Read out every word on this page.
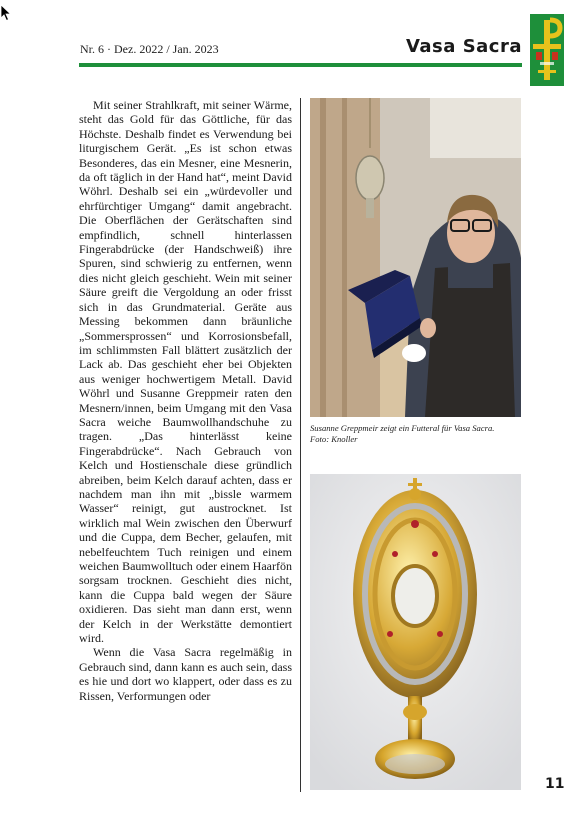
Nr. 6 · Dez. 2022 / Jan. 2023	Vasa Sacra

Mit seiner Strahlkraft, mit seiner Wärme, steht das Gold für das Göttliche, für das Höchste. Deshalb findet es Verwendung bei liturgischem Gerät. „Es ist schon etwas Besonderes, das ein Mesner, eine Mesnerin, da oft täglich in der Hand hat“, meint David Wöhrl. Deshalb sei ein „würdevoller und ehrfürchtiger Umgang“ damit angebracht. Die Oberflächen der Gerätschaften sind empfindlich, schnell hinterlassen Fingerabdrücke (der Handschweiß) ihre Spuren, sind schwierig zu entfernen, wenn dies nicht gleich geschieht. Wein mit seiner Säure greift die Vergoldung an oder frisst sich in das Grundmaterial. Geräte aus Messing bekommen dann bräunliche „Sommersprossen“ und Korrosionsbefall, im schlimmsten Fall blättert zusätzlich der Lack ab. Das geschieht eher bei Objekten aus weniger hochwertigem Metall. David Wöhrl und Susanne Greppmeir raten den Mesnern/innen, beim Umgang mit den Vasa Sacra weiche Baumwollhandschuhe zu tragen. „Das hinterlässt keine Fingerabdrücke“. Nach Gebrauch von Kelch und Hostienschale diese gründlich abreiben, beim Kelch darauf achten, dass er nachdem man ihn mit „bissle warmem Wasser“ reinigt, gut austrocknet. Ist wirklich mal Wein zwischen den Überwurf und die Cuppa, dem Becher, gelaufen, mit nebelfeuchtem Tuch reinigen und einem weichen Baumwolltuch oder einem Haarfön sorgsam trocknen. Geschieht dies nicht, kann die Cuppa bald wegen der Säure oxidieren. Das sieht man dann erst, wenn der Kelch in der Werkstätte demontiert wird.

Wenn die Vasa Sacra regelmäßig in Gebrauch sind, dann kann es auch sein, dass es hie und dort wo klappert, oder dass es zu Rissen, Verformungen oder

Susanne Greppmeir zeigt ein Futteral für Vasa Sacra.
Foto: Knoller
11
